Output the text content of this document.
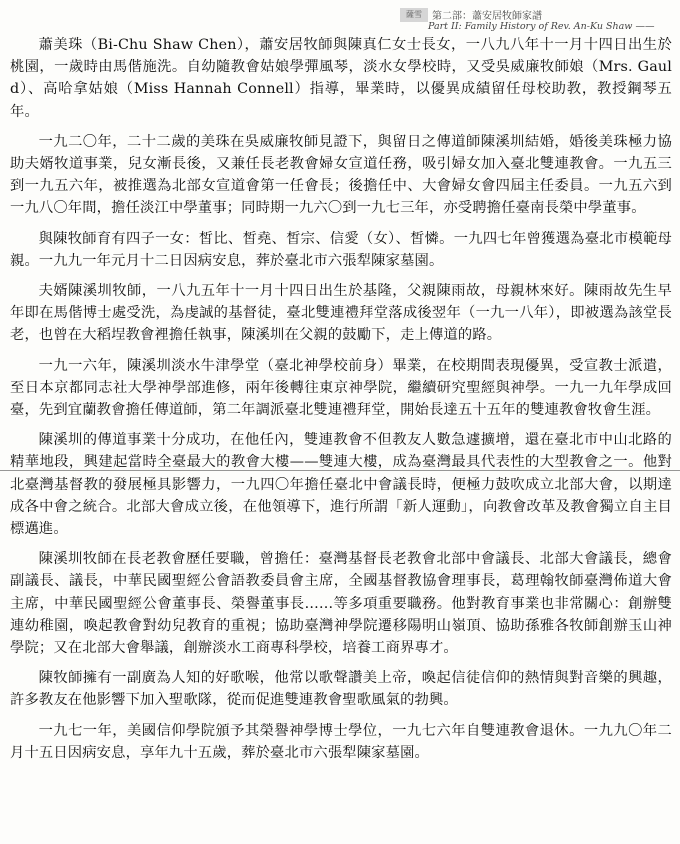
薩雪	第二部：蕭安居牧師家譜
Part II: Family History of Rev. An-Ku Shaw ——

蕭美珠（Bi-Chu Shaw Chen），蕭安居牧師與陳真仁女士長女，一八九八年十一月十四日出生於桃園，一歲時由馬偕施洗。自幼隨教會姑娘學彈風琴，淡水女學校時，又受吳威廉牧師娘（Mrs. Gauld）、高哈拿姑娘（Miss Hannah Connell）指導，畢業時，以優異成績留任母校助教，教授鋼琴五年。

一九二〇年，二十二歲的美珠在吳威廉牧師見證下，與留日之傳道師陳溪圳結婚，婚後美珠極力協助夫婿牧道事業，兒女漸長後，又兼任長老教會婦女宣道任務，吸引婦女加入臺北雙連教會。一九五三到一九五六年，被推選為北部女宣道會第一任會長；後擔任中、大會婦女會四屆主任委員。一九五六到一九八〇年間，擔任淡江中學董事；同時期一九六〇到一九七三年，亦受聘擔任臺南長榮中學董事。

與陳牧師育有四子一女：皙比、皙堯、皙宗、信愛（女）、皙憐。一九四七年曾獲選為臺北市模範母親。一九九一年元月十二日因病安息，葬於臺北市六張犁陳家墓園。

夫婿陳溪圳牧師，一八九五年十一月十四日出生於基隆，父親陳雨故，母親林來好。陳雨故先生早年即在馬偕博士處受洗，為虔誠的基督徒，臺北雙連禮拜堂落成後翌年（一九一八年），即被選為該堂長老，也曾在大稻埕教會裡擔任執事，陳溪圳在父親的鼓勵下，走上傳道的路。

一九一六年，陳溪圳淡水牛津學堂（臺北神學校前身）畢業，在校期間表現優異，受宣教士派遣，至日本京都同志社大學神學部進修，兩年後轉往東京神學院，繼續研究聖經與神學。一九一九年學成回臺，先到宜蘭教會擔任傳道師，第二年調派臺北雙連禮拜堂，開始長達五十五年的雙連教會牧會生涯。

陳溪圳的傳道事業十分成功，在他任內，雙連教會不但教友人數急遽擴增，還在臺北市中山北路的精華地段，興建起當時全臺最大的教會大樓——雙連大樓，成為臺灣最具代表性的大型教會之一。他對北臺灣基督教的發展極具影響力，一九四〇年擔任臺北中會議長時，便極力鼓吹成立北部大會，以期達成各中會之統合。北部大會成立後，在他領導下，進行所謂「新人運動」，向教會改革及教會獨立自主目標邁進。

陳溪圳牧師在長老教會歷任要職，曾擔任：臺灣基督長老教會北部中會議長、北部大會議長，總會副議長、議長，中華民國聖經公會語教委員會主席，全國基督教協會理事長，葛理翰牧師臺灣佈道大會主席，中華民國聖經公會董事長、榮譽董事長……等多項重要職務。他對教育事業也非常關心：創辦雙連幼稚園，喚起教會對幼兒教育的重視；協助臺灣神學院遷移陽明山嶺頂、協助孫雅各牧師創辦玉山神學院；又在北部大會舉議，創辦淡水工商專科學校，培養工商界專才。

陳牧師擁有一副廣為人知的好歌喉，他常以歌聲讚美上帝，喚起信徒信仰的熱情與對音樂的興趣，許多教友在他影響下加入聖歌隊，從而促進雙連教會聖歌風氣的勃興。

一九七一年，美國信仰學院頒予其榮譽神學博士學位，一九七六年自雙連教會退休。一九九〇年二月十五日因病安息，享年九十五歲，葬於臺北市六張犁陳家墓園。
